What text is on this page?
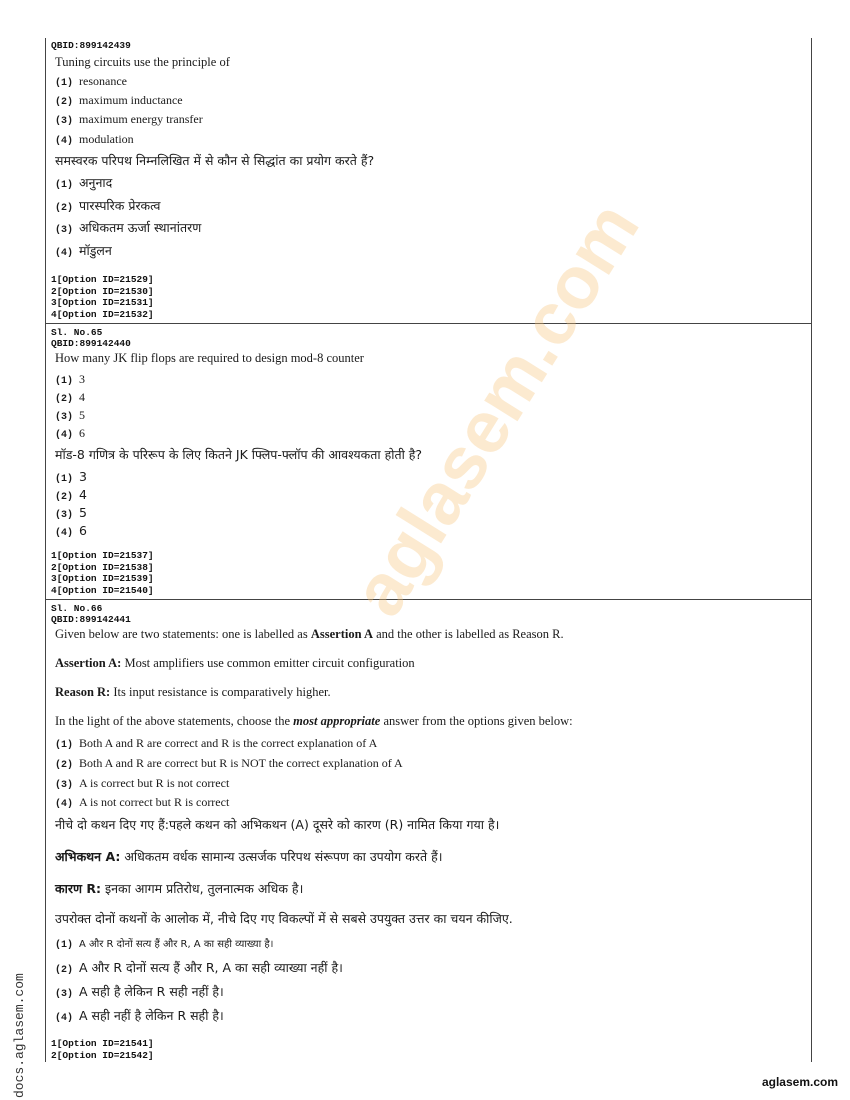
QBID:899142439
Tuning circuits use the principle of
(1) resonance
(2) maximum inductance
(3) maximum energy transfer
(4) modulation
समस्वरक परिपथ निम्नलिखित में से कौन से सिद्धांत का प्रयोग करते हैं?
(1) अनुनाद
(2) पारस्परिक प्रेरकत्व
(3) अधिकतम ऊर्जा स्थानांतरण
(4) मॉडुलन
1[Option ID=21529]
2[Option ID=21530]
3[Option ID=21531]
4[Option ID=21532]
Sl. No.65
QBID:899142440
How many JK flip flops are required to design mod-8 counter
(1) 3
(2) 4
(3) 5
(4) 6
मॉड-8 गणित्र के परिरूप के लिए कितने JK फ्लिप-फ्लॉप की आवश्यकता होती है?
(1) 3
(2) 4
(3) 5
(4) 6
1[Option ID=21537]
2[Option ID=21538]
3[Option ID=21539]
4[Option ID=21540]
Sl. No.66
QBID:899142441
Given below are two statements: one is labelled as Assertion A and the other is labelled as Reason R.
Assertion A: Most amplifiers use common emitter circuit configuration
Reason R: Its input resistance is comparatively higher.
In the light of the above statements, choose the most appropriate answer from the options given below:
(1) Both A and R are correct and R is the correct explanation of A
(2) Both A and R are correct but R is NOT the correct explanation of A
(3) A is correct but R is not correct
(4) A is not correct but R is correct
नीचे दो कथन दिए गए हैं:पहले कथन को अभिकथन (A) दूसरे को कारण (R) नामित किया गया है।
अभिकथन A: अधिकतम वर्धक सामान्य उत्सर्जक परिपथ संरूपण का उपयोग करते हैं।
कारण R: इनका आगम प्रतिरोध, तुलनात्मक अधिक है।
उपरोक्त दोनों कथनों के आलोक में, नीचे दिए गए विकल्पों में से सबसे उपयुक्त उत्तर का चयन कीजिए.
(1) A और R दोनों सत्य हैं और R, A का सही व्याख्या है।
(2) A और R दोनों सत्य हैं और R, A का सही व्याख्या नहीं है।
(3) A सही है लेकिन R सही नहीं है।
(4) A सही नहीं है लेकिन R सही है।
1[Option ID=21541]
2[Option ID=21542]
aglasem.com
docs.aglasem.com	aglasem.com
